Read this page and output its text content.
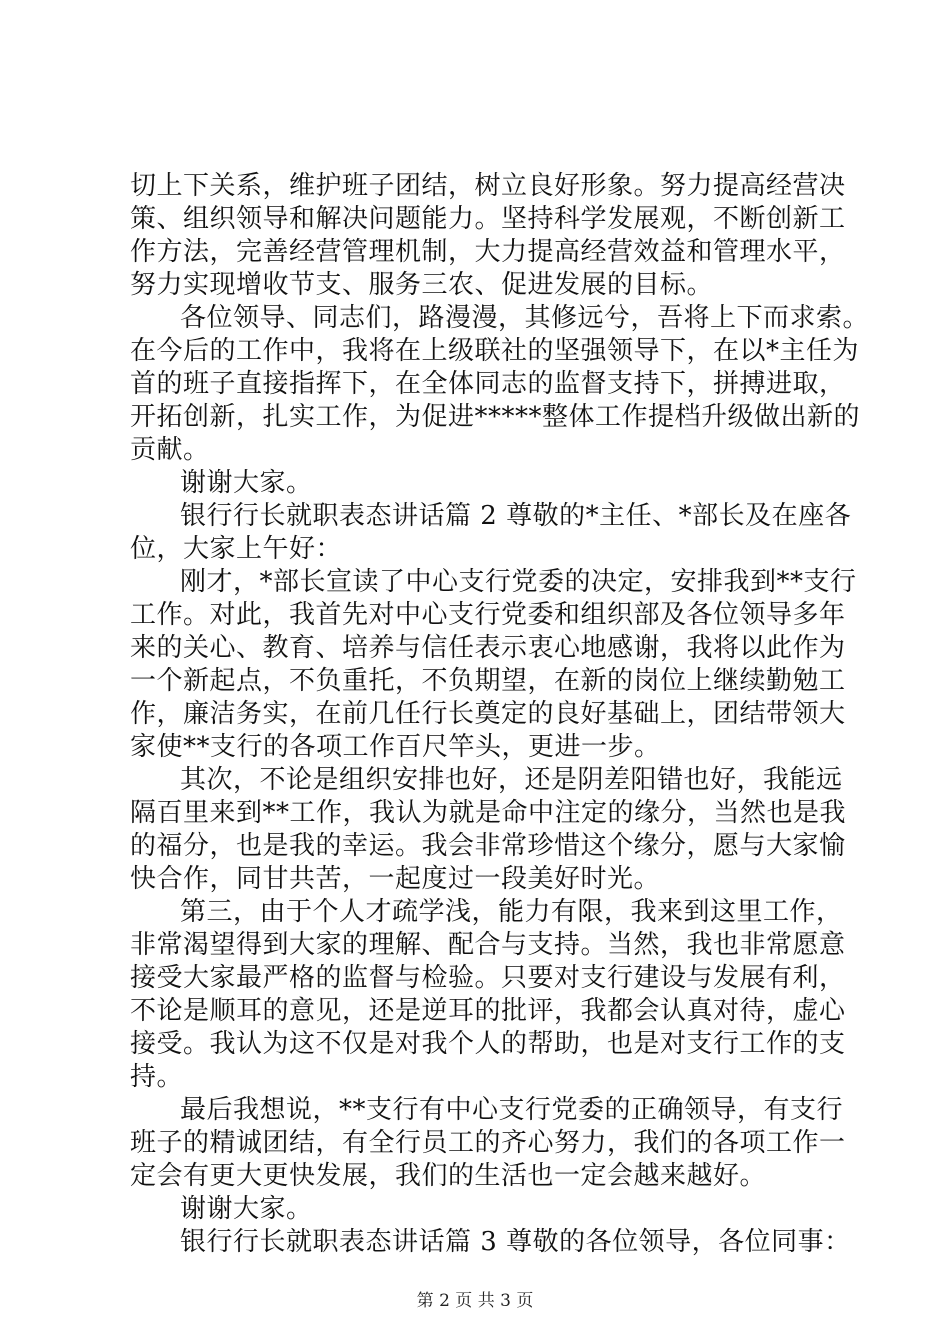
切上下关系，维护班子团结，树立良好形象。努力提高经营决
策、组织领导和解决问题能力。坚持科学发展观，不断创新工
作方法，完善经营管理机制，大力提高经营效益和管理水平，
努力实现增收节支、服务三农、促进发展的目标。
各位领导、同志们，路漫漫，其修远兮，吾将上下而求索。
在今后的工作中，我将在上级联社的坚强领导下，在以*主任为
首的班子直接指挥下，在全体同志的监督支持下，拼搏进取，
开拓创新，扎实工作，为促进*****整体工作提档升级做出新的
贡献。
谢谢大家。
银行行长就职表态讲话篇 2 尊敬的*主任、*部长及在座各
位，大家上午好：
刚才，*部长宣读了中心支行党委的决定，安排我到**支行
工作。对此，我首先对中心支行党委和组织部及各位领导多年
来的关心、教育、培养与信任表示衷心地感谢，我将以此作为
一个新起点，不负重托，不负期望，在新的岗位上继续勤勉工
作，廉洁务实，在前几任行长奠定的良好基础上，团结带领大
家使**支行的各项工作百尺竿头，更进一步。
其次，不论是组织安排也好，还是阴差阳错也好，我能远
隔百里来到**工作，我认为就是命中注定的缘分，当然也是我
的福分，也是我的幸运。我会非常珍惜这个缘分，愿与大家愉
快合作，同甘共苦，一起度过一段美好时光。
第三，由于个人才疏学浅，能力有限，我来到这里工作，
非常渴望得到大家的理解、配合与支持。当然，我也非常愿意
接受大家最严格的监督与检验。只要对支行建设与发展有利，
不论是顺耳的意见，还是逆耳的批评，我都会认真对待，虚心
接受。我认为这不仅是对我个人的帮助，也是对支行工作的支
持。
最后我想说，**支行有中心支行党委的正确领导，有支行
班子的精诚团结，有全行员工的齐心努力，我们的各项工作一
定会有更大更快发展，我们的生活也一定会越来越好。
谢谢大家。
银行行长就职表态讲话篇 3 尊敬的各位领导，各位同事：
第 2 页 共 3 页
